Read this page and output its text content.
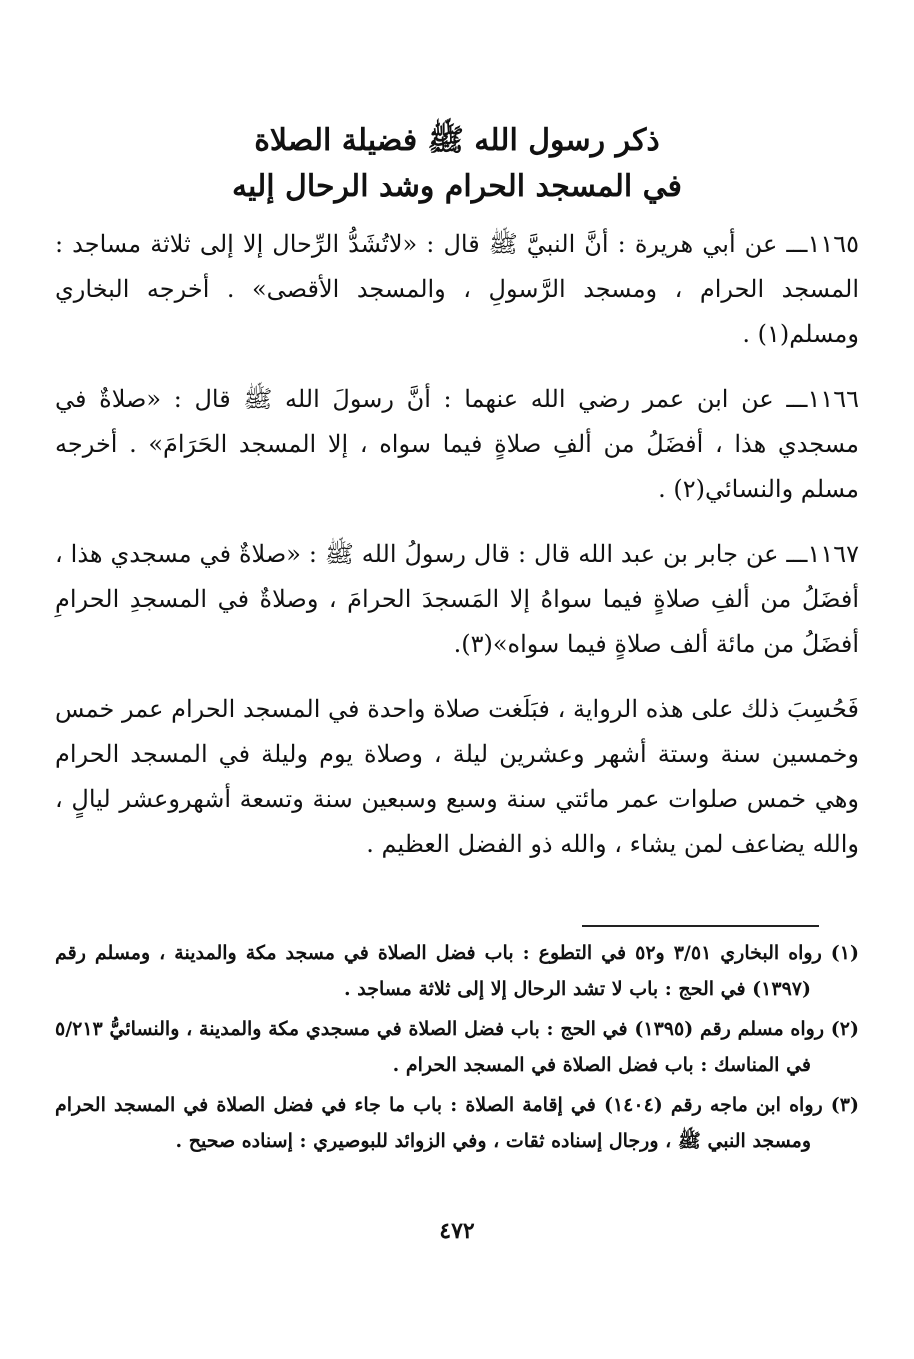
ذكر رسول الله ﷺ فضيلة الصلاة
في المسجد الحرام وشد الرحال إليه

١١٦٥ـــ عن أبي هريرة : أنَّ النبيَّ ﷺ قال : «لاتُشَدُّ الرِّحال إلا إلى ثلاثة مساجد : المسجد الحرام ، ومسجد الرَّسولِ ، والمسجد الأقصى» . أخرجه البخاري ومسلم(١) .

١١٦٦ـــ عن ابن عمر رضي الله عنهما : أنَّ رسولَ الله ﷺ قال : «صلاةٌ في مسجدي هذا ، أفضَلُ من ألفِ صلاةٍ فيما سواه ، إلا المسجد الحَرَامَ» . أخرجه مسلم والنسائي(٢) .

١١٦٧ـــ عن جابر بن عبد الله قال : قال رسولُ الله ﷺ : «صلاةٌ في مسجدي هذا ، أفضَلُ من ألفِ صلاةٍ فيما سواهُ إلا المَسجدَ الحرامَ ، وصلاةٌ في المسجدِ الحرامِ أفضَلُ من مائة ألف صلاةٍ فيما سواه»(٣).

فَحُسِبَ ذلك على هذه الرواية ، فبَلَغت صلاة واحدة في المسجد الحرام عمر خمس وخمسين سنة وستة أشهر وعشرين ليلة ، وصلاة يوم وليلة في المسجد الحرام وهي خمس صلوات عمر مائتي سنة وسبع وسبعين سنة وتسعة أشهروعشر ليالٍ ، والله يضاعف لمن يشاء ، والله ذو الفضل العظيم .

(١) رواه البخاري ٣/٥١ و٥٢ في التطوع : باب فضل الصلاة في مسجد مكة والمدينة ، ومسلم رقم (١٣٩٧) في الحج : باب لا تشد الرحال إلا إلى ثلاثة مساجد .

(٢) رواه مسلم رقم (١٣٩٥) في الحج : باب فضل الصلاة في مسجدي مكة والمدينة ، والنسائيُّ ٥/٢١٣ في المناسك : باب فضل الصلاة في المسجد الحرام .

(٣) رواه ابن ماجه رقم (١٤٠٤) في إقامة الصلاة : باب ما جاء في فضل الصلاة في المسجد الحرام ومسجد النبي ﷺ ، ورجال إسناده ثقات ، وفي الزوائد للبوصيري : إسناده صحيح .

٤٧٢
